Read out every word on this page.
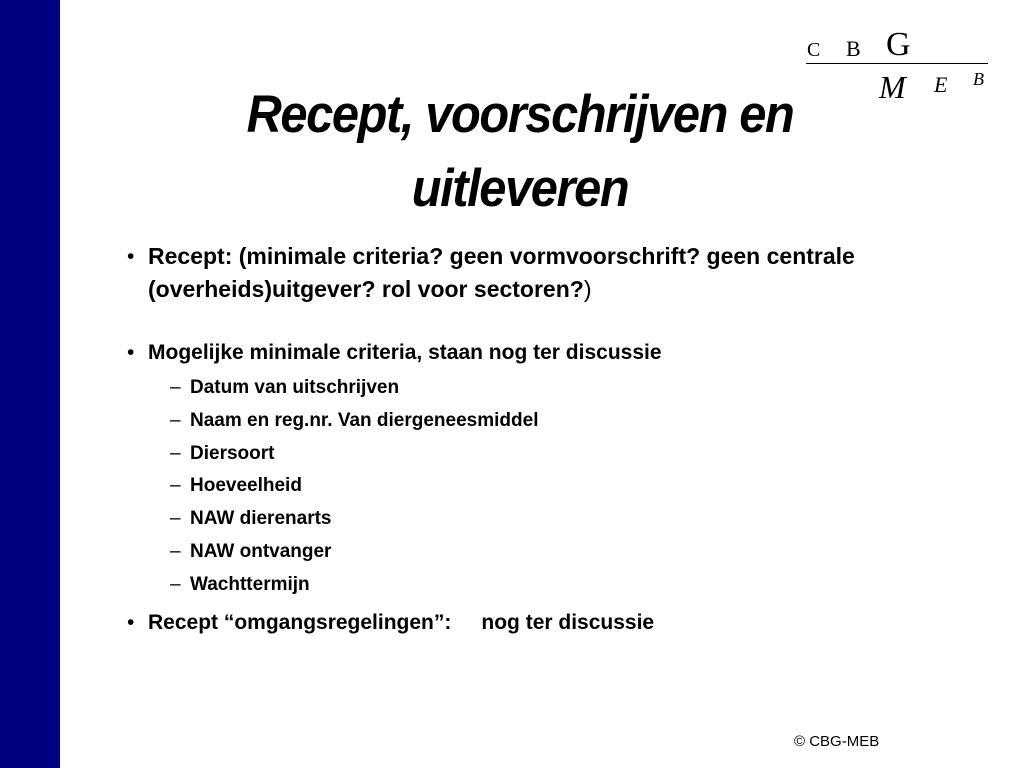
C B G
M E B
Recept, voorschrijven en
uitleveren
• Recept: (minimale criteria? geen vormvoorschrift? geen centrale (overheids)uitgever? rol voor sectoren?)
• Mogelijke minimale criteria, staan nog ter discussie
– Datum van uitschrijven
– Naam en reg.nr. Van diergeneesmiddel
– Diersoort
– Hoeveelheid
– NAW dierenarts
– NAW ontvanger
– Wachttermijn
• Recept “omgangsregelingen”: nog ter discussie
© CBG-MEB
